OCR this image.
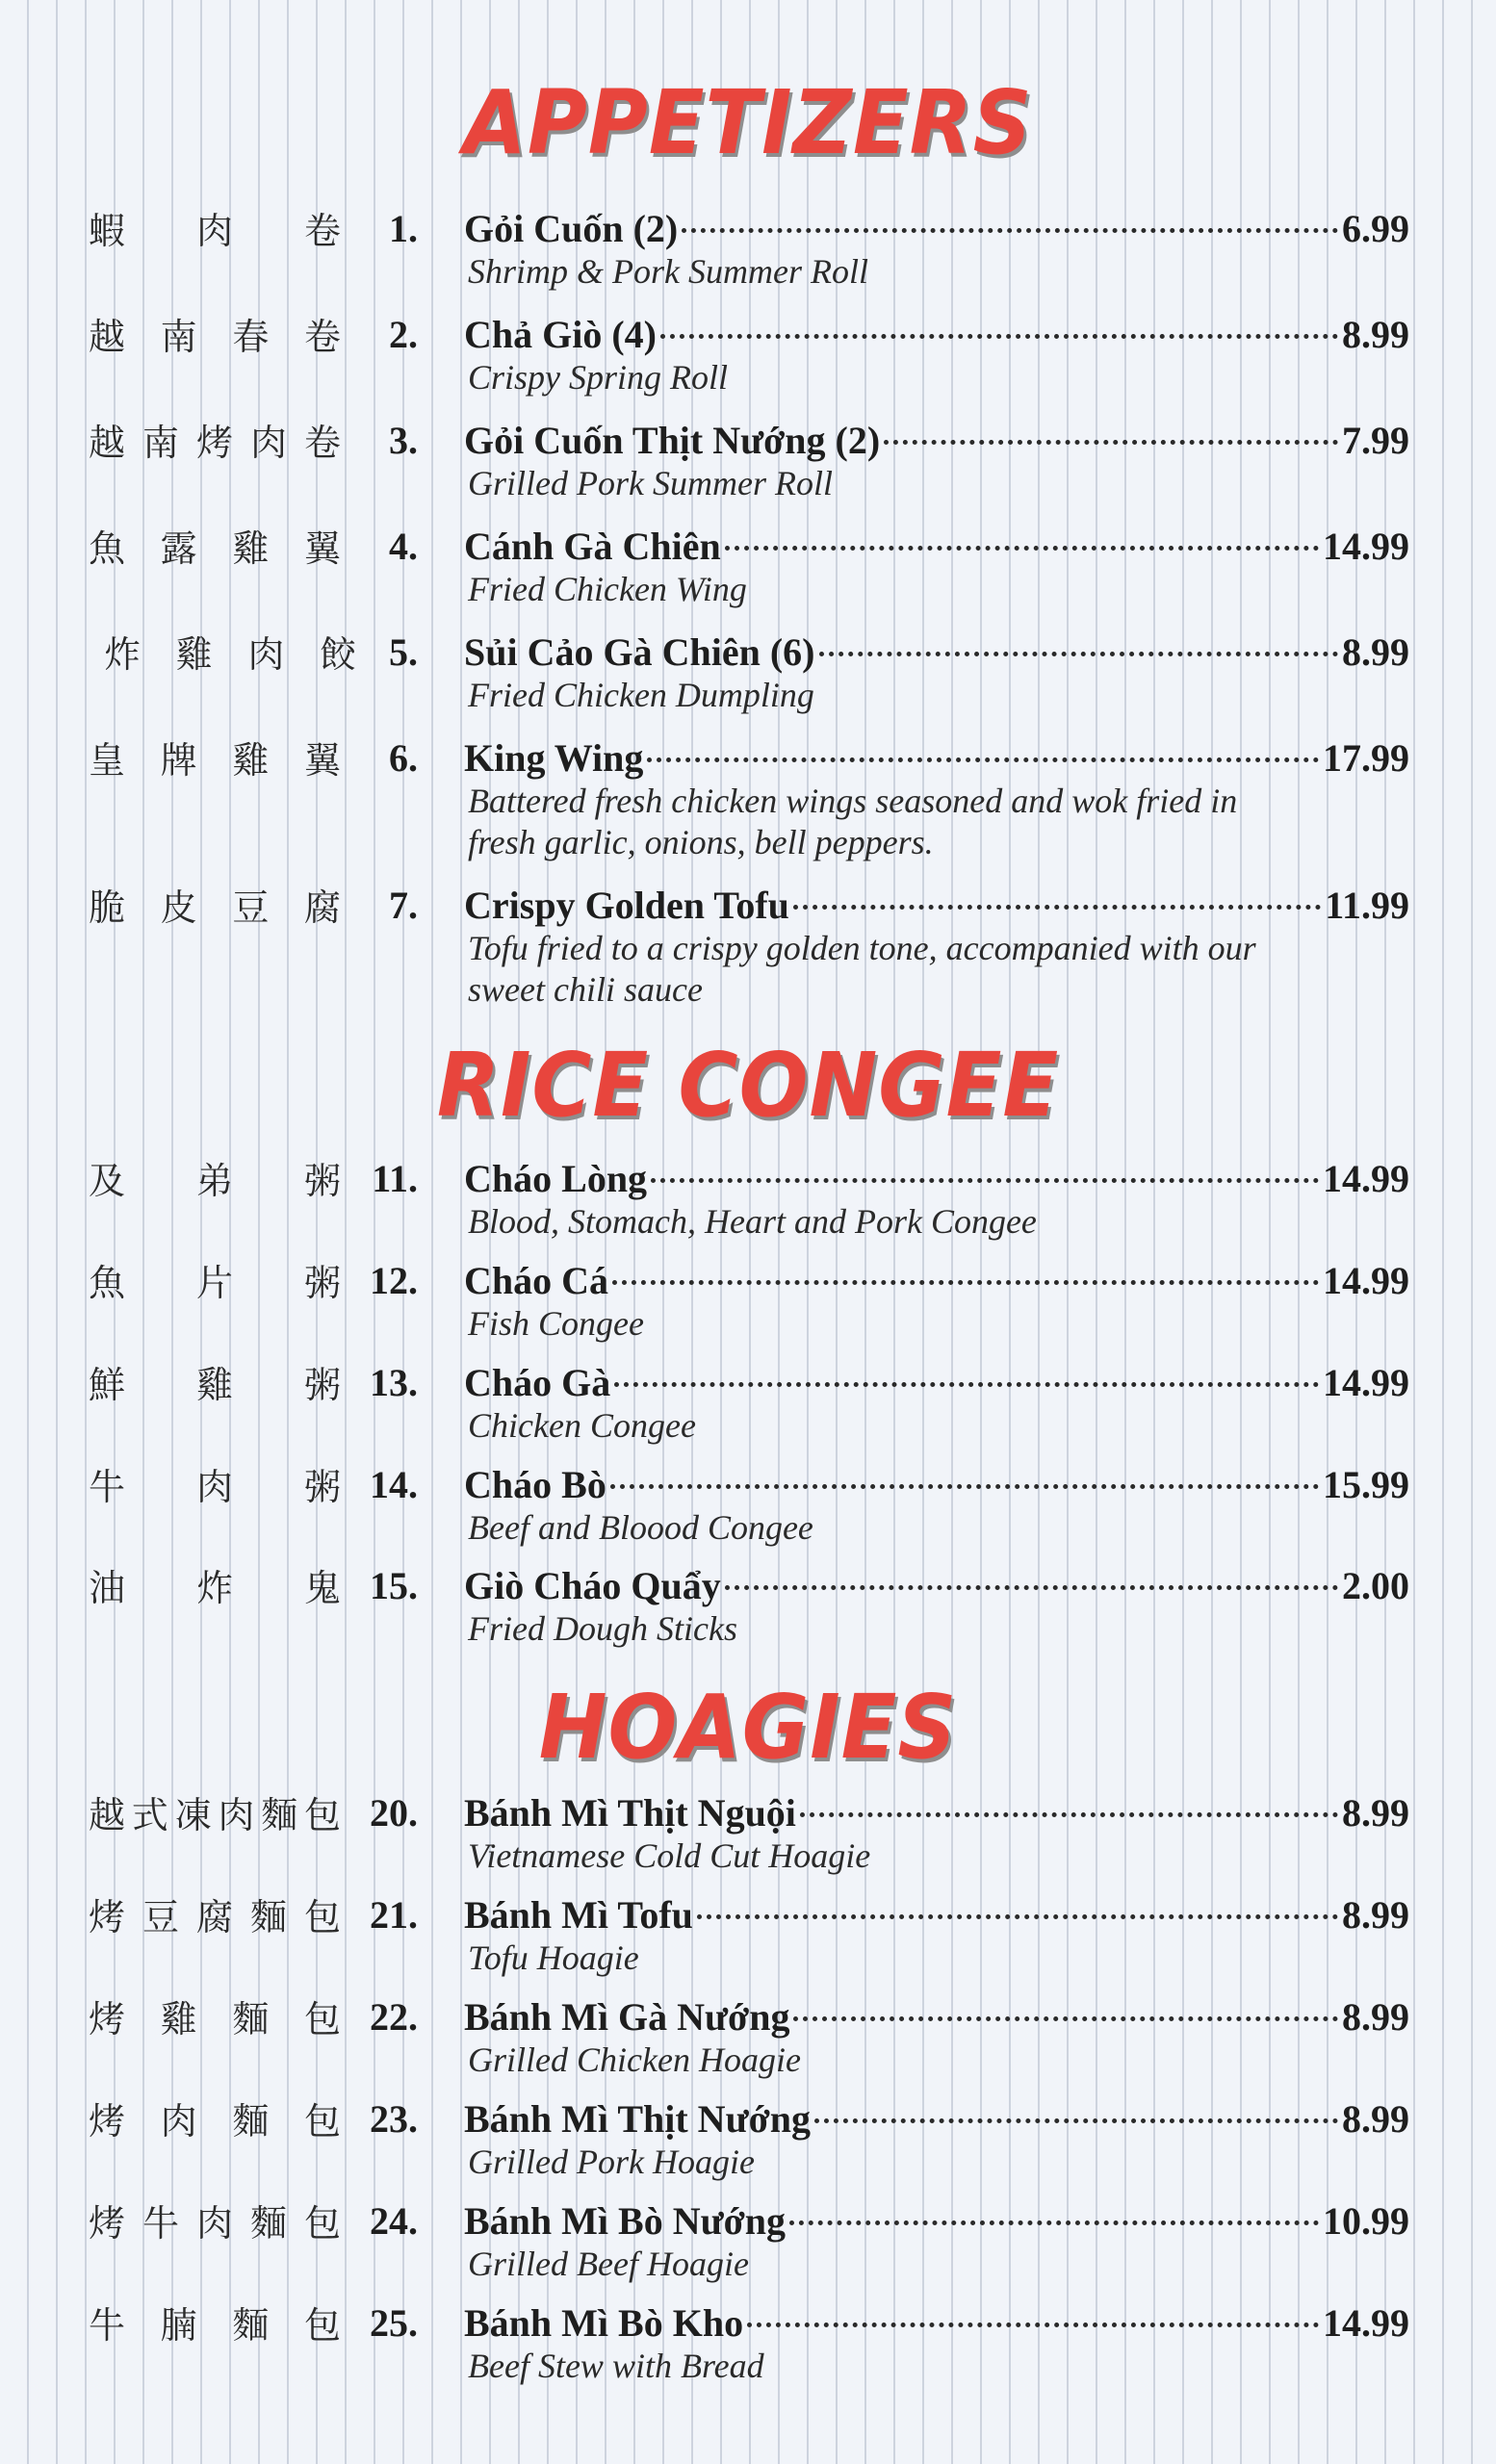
APPETIZERS
蝦 肉 卷 1. Gỏi Cuốn (2)	6.99
Shrimp & Pork Summer Roll
越 南 春 卷 2. Chả Giò (4)	8.99
Crispy Spring Roll
越 南 烤 肉 卷 3. Gỏi Cuốn Thịt Nướng (2)	7.99
Grilled Pork Summer Roll
魚 露 雞 翼 4. Cánh Gà Chiên	14.99
Fried Chicken Wing
炸 雞 肉 餃 5. Sủi Cảo Gà Chiên (6)	8.99
Fried Chicken Dumpling
皇 牌 雞 翼 6. King Wing	17.99
Battered fresh chicken wings seasoned and wok fried in fresh garlic, onions, bell peppers.
脆 皮 豆 腐 7. Crispy Golden Tofu	11.99
Tofu fried to a crispy golden tone, accompanied with our sweet chili sauce
RICE CONGEE
及 弟 粥 11. Cháo Lòng	14.99
Blood, Stomach, Heart and Pork Congee
魚 片 粥 12. Cháo Cá	14.99
Fish Congee
鮮 雞 粥 13. Cháo Gà	14.99
Chicken Congee
牛 肉 粥 14. Cháo Bò	15.99
Beef and Bloood Congee
油 炸 鬼 15. Giò Cháo Quẩy	2.00
Fried Dough Sticks
HOAGIES
越 式 凍 肉 麵 包 20. Bánh Mì Thịt Nguội	8.99
Vietnamese Cold Cut Hoagie
烤 豆 腐 麵 包 21. Bánh Mì Tofu	8.99
Tofu Hoagie
烤 雞 麵 包 22. Bánh Mì Gà Nướng	8.99
Grilled Chicken Hoagie
烤 肉 麵 包 23. Bánh Mì Thịt Nướng	8.99
Grilled Pork Hoagie
烤 牛 肉 麵 包 24. Bánh Mì Bò Nướng	10.99
Grilled Beef Hoagie
牛 腩 麵 包 25. Bánh Mì Bò Kho	14.99
Beef Stew with Bread
